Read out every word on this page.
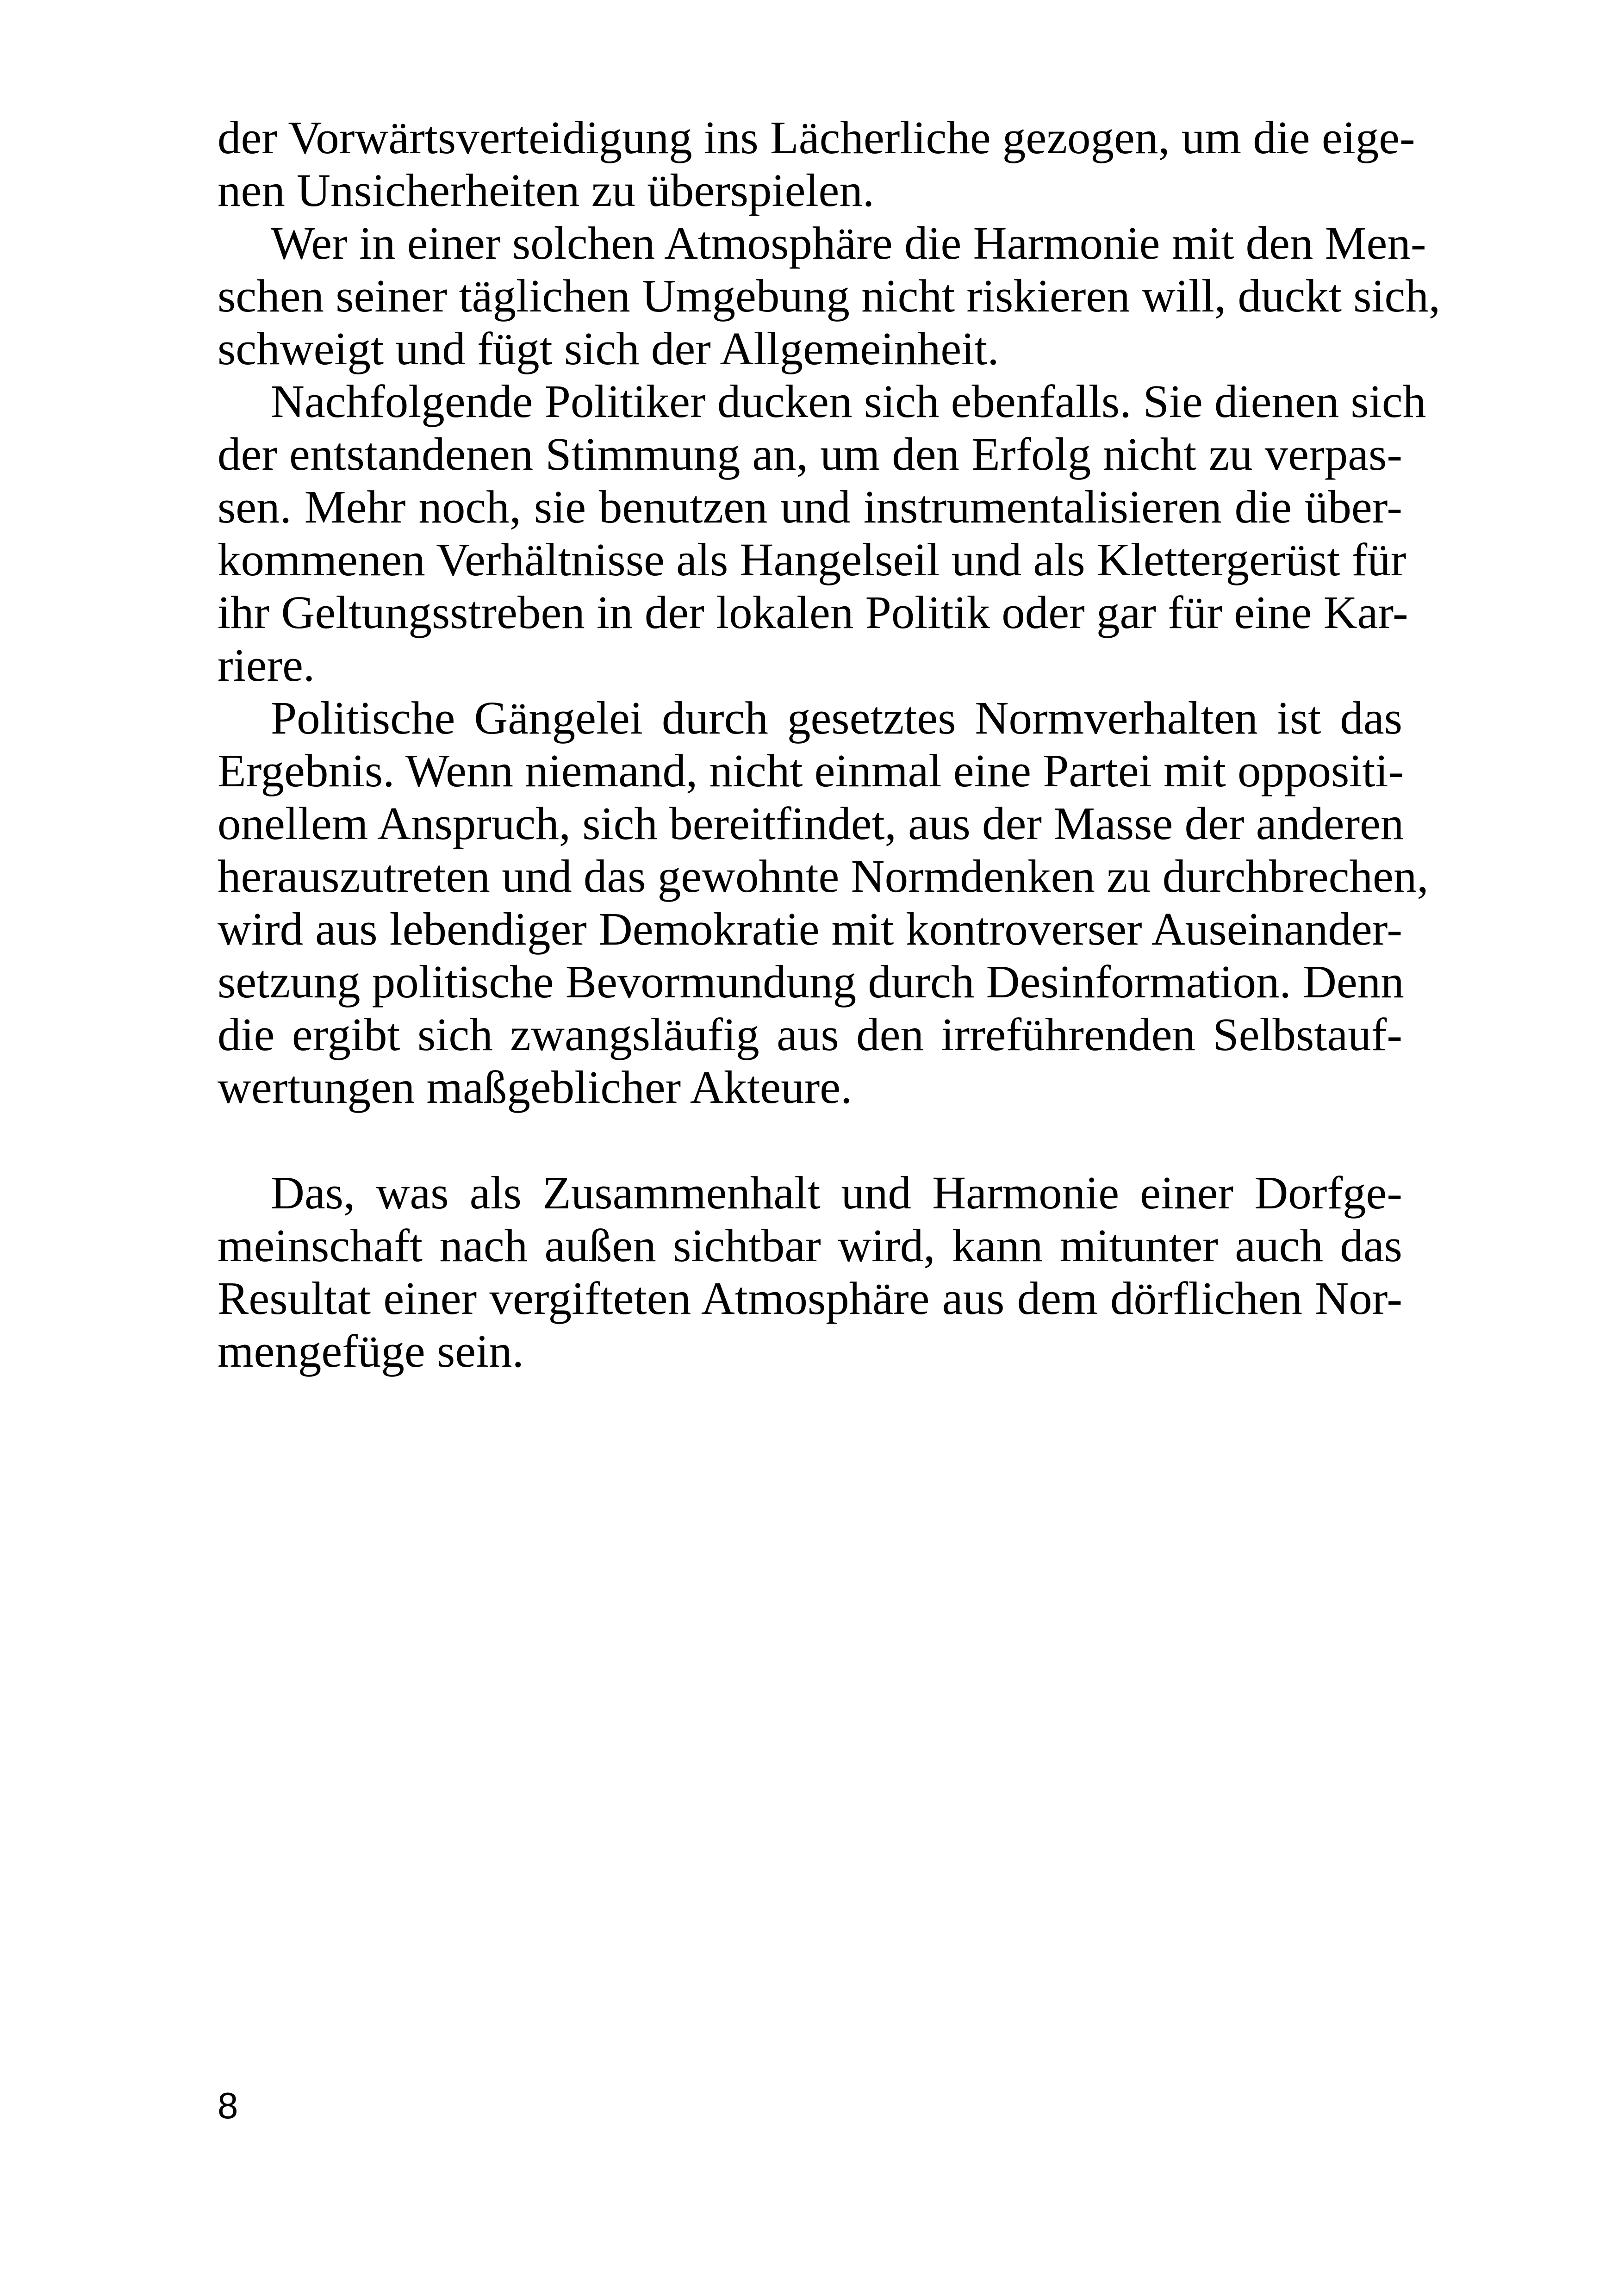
der Vorwärtsverteidigung ins Lächerliche gezogen, um die eige-
nen Unsicherheiten zu überspielen.
Wer in einer solchen Atmosphäre die Harmonie mit den Men-
schen seiner täglichen Umgebung nicht riskieren will, duckt sich,
schweigt und fügt sich der Allgemeinheit.
Nachfolgende Politiker ducken sich ebenfalls. Sie dienen sich
der entstandenen Stimmung an, um den Erfolg nicht zu verpas-
sen. Mehr noch, sie benutzen und instrumentalisieren die über-
kommenen Verhältnisse als Hangelseil und als Klettergerüst für
ihr Geltungsstreben in der lokalen Politik oder gar für eine Kar-
riere.
Politische Gängelei durch gesetztes Normverhalten ist das
Ergebnis. Wenn niemand, nicht einmal eine Partei mit oppositi-
onellem Anspruch, sich bereitfindet, aus der Masse der anderen
herauszutreten und das gewohnte Normdenken zu durchbrechen,
wird aus lebendiger Demokratie mit kontroverser Auseinander-
setzung politische Bevormundung durch Desinformation. Denn
die ergibt sich zwangsläufig aus den irreführenden Selbstauf-
wertungen maßgeblicher Akteure.
Das, was als Zusammenhalt und Harmonie einer Dorfge-
meinschaft nach außen sichtbar wird, kann mitunter auch das
Resultat einer vergifteten Atmosphäre aus dem dörflichen Nor-
mengefüge sein.
8
